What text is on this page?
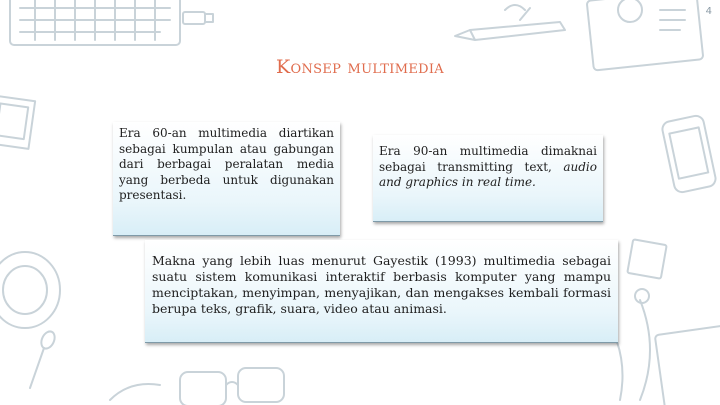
4
Konsep multimedia
Era 60-an multimedia diartikan sebagai kumpulan atau gabungan dari berbagai peralatan media yang berbeda untuk digunakan presentasi.
Era 90-an multimedia dimaknai sebagai transmitting text, audio and graphics in real time.
Makna yang lebih luas menurut Gayestik (1993) multimedia sebagai suatu sistem komunikasi interaktif berbasis komputer yang mampu menciptakan, menyimpan, menyajikan, dan mengakses kembali formasi berupa teks, grafik, suara, video atau animasi.
